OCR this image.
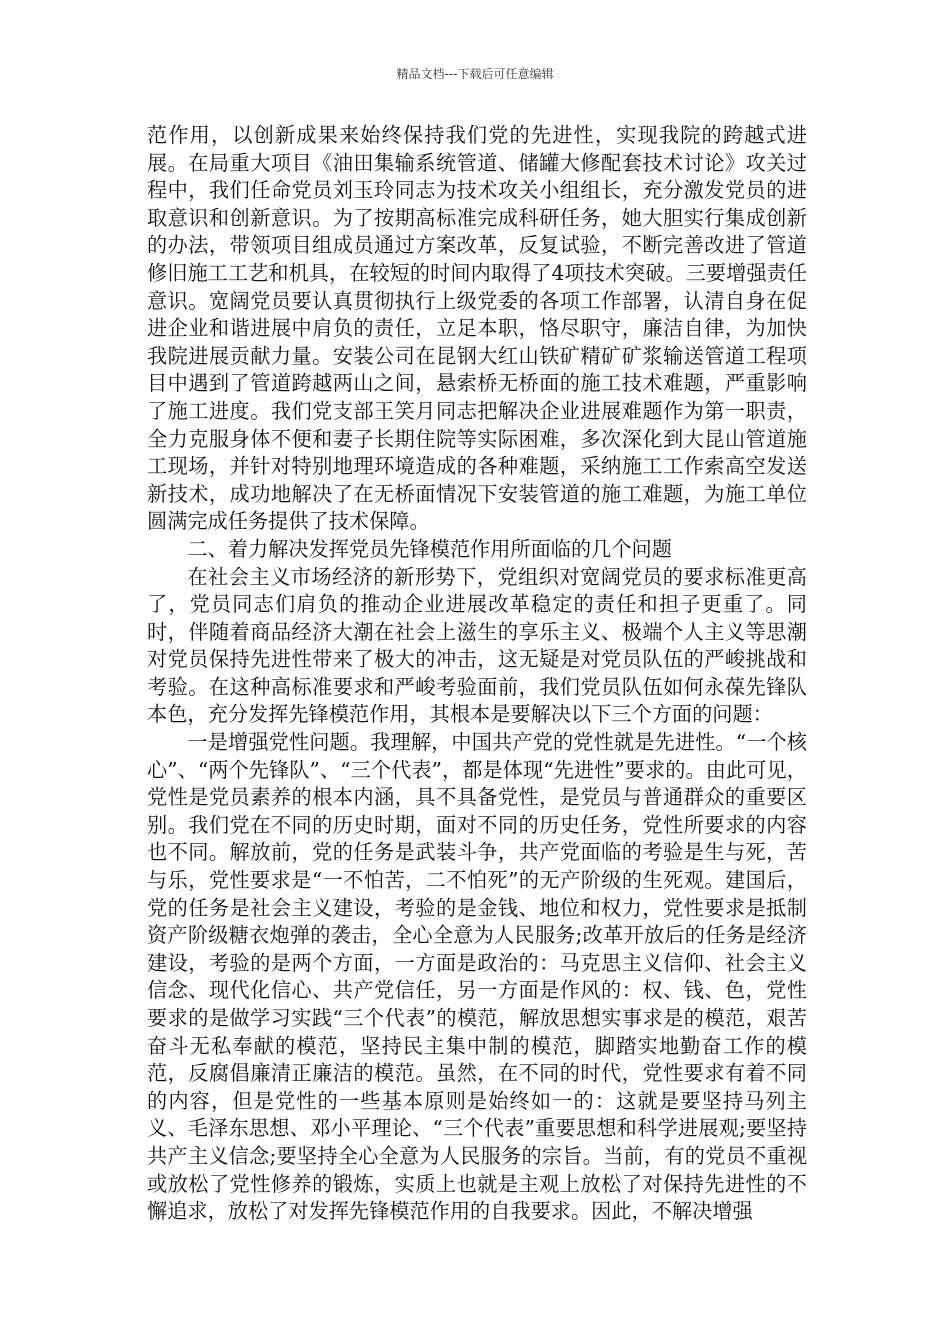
精品文档---下载后可任意编辑

范作用，以创新成果来始终保持我们党的先进性，实现我院的跨越式进展。在局重大项目《油田集输系统管道、储罐大修配套技术讨论》攻关过程中，我们任命党员刘玉玲同志为技术攻关小组组长，充分激发党员的进取意识和创新意识。为了按期高标准完成科研任务，她大胆实行集成创新的办法，带领项目组成员通过方案改革，反复试验，不断完善改进了管道修旧施工工艺和机具，在较短的时间内取得了4项技术突破。三要增强责任意识。宽阔党员要认真贯彻执行上级党委的各项工作部署，认清自身在促进企业和谐进展中肩负的责任，立足本职，恪尽职守，廉洁自律，为加快我院进展贡献力量。安装公司在昆钢大红山铁矿精矿矿浆输送管道工程项目中遇到了管道跨越两山之间，悬索桥无桥面的施工技术难题，严重影响了施工进度。我们党支部王笑月同志把解决企业进展难题作为第一职责，全力克服身体不便和妻子长期住院等实际困难，多次深化到大昆山管道施工现场，并针对特别地理环境造成的各种难题，采纳施工工作索高空发送新技术，成功地解决了在无桥面情况下安装管道的施工难题，为施工单位圆满完成任务提供了技术保障。

二、着力解决发挥党员先锋模范作用所面临的几个问题

在社会主义市场经济的新形势下，党组织对宽阔党员的要求标准更高了，党员同志们肩负的推动企业进展改革稳定的责任和担子更重了。同时，伴随着商品经济大潮在社会上滋生的享乐主义、极端个人主义等思潮对党员保持先进性带来了极大的冲击，这无疑是对党员队伍的严峻挑战和考验。在这种高标准要求和严峻考验面前，我们党员队伍如何永葆先锋队本色，充分发挥先锋模范作用，其根本是要解决以下三个方面的问题：

一是增强党性问题。我理解，中国共产党的党性就是先进性。“一个核心”、“两个先锋队”、“三个代表”，都是体现“先进性”要求的。由此可见，党性是党员素养的根本内涵，具不具备党性，是党员与普通群众的重要区别。我们党在不同的历史时期，面对不同的历史任务，党性所要求的内容也不同。解放前，党的任务是武装斗争，共产党面临的考验是生与死，苦与乐，党性要求是“一不怕苦，二不怕死”的无产阶级的生死观。建国后，党的任务是社会主义建设，考验的是金钱、地位和权力，党性要求是抵制资产阶级糖衣炮弹的袭击，全心全意为人民服务;改革开放后的任务是经济建设，考验的是两个方面，一方面是政治的：马克思主义信仰、社会主义信念、现代化信心、共产党信任，另一方面是作风的：权、钱、色，党性要求的是做学习实践“三个代表”的模范，解放思想实事求是的模范，艰苦奋斗无私奉献的模范，坚持民主集中制的模范，脚踏实地勤奋工作的模范，反腐倡廉清正廉洁的模范。虽然，在不同的时代，党性要求有着不同的内容，但是党性的一些基本原则是始终如一的：这就是要坚持马列主义、毛泽东思想、邓小平理论、“三个代表”重要思想和科学进展观;要坚持共产主义信念;要坚持全心全意为人民服务的宗旨。当前，有的党员不重视或放松了党性修养的锻炼，实质上也就是主观上放松了对保持先进性的不懈追求，放松了对发挥先锋模范作用的自我要求。因此，不解决增强
